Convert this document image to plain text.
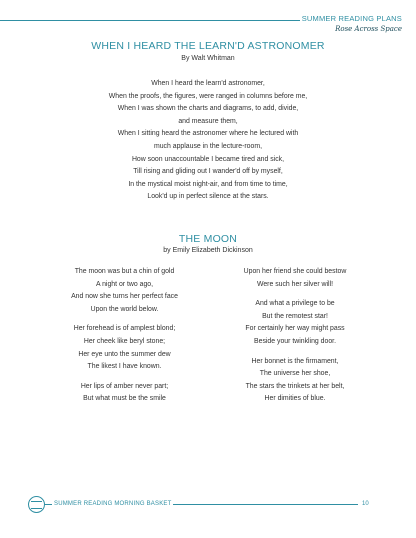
SUMMER READING PLANS
Rose Across Space
WHEN I HEARD THE LEARN'D ASTRONOMER
By Walt Whitman
When I heard the learn'd astronomer,
When the proofs, the figures, were ranged in columns before me,
When I was shown the charts and diagrams, to add, divide,
and measure them,
When I sitting heard the astronomer where he lectured with
much applause in the lecture-room,
How soon unaccountable I became tired and sick,
Till rising and gliding out I wander'd off by myself,
In the mystical moist night-air, and from time to time,
Look'd up in perfect silence at the stars.
THE MOON
by Emily Elizabeth Dickinson
The moon was but a chin of gold
A night or two ago,
And now she turns her perfect face
Upon the world below.
Her forehead is of amplest blond;
Her cheek like beryl stone;
Her eye unto the summer dew
The likest I have known.
Her lips of amber never part;
But what must be the smile
Upon her friend she could bestow
Were such her silver will!
And what a privilege to be
But the remotest star!
For certainly her way might pass
Beside your twinkling door.
Her bonnet is the firmament,
The universe her shoe,
The stars the trinkets at her belt,
Her dimities of blue.
SUMMER READING MORNING BASKET	10
